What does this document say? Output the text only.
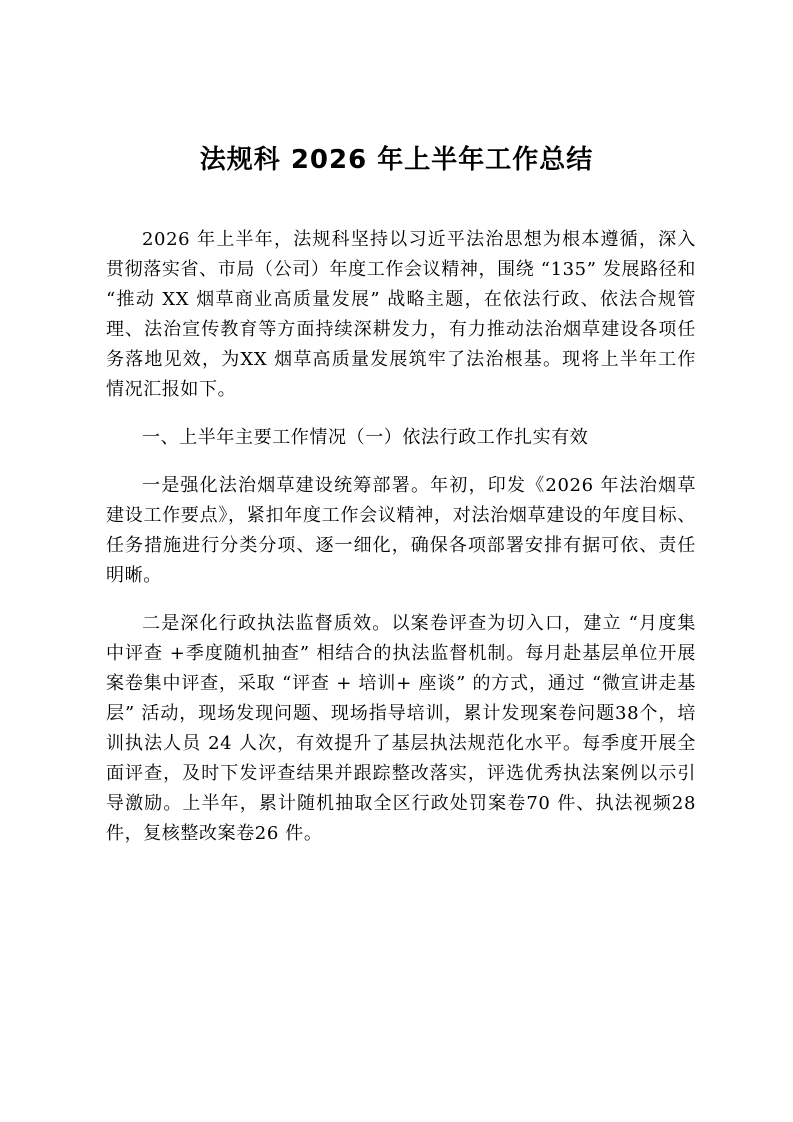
法规科 2026 年上半年工作总结

2026 年上半年，法规科坚持以习近平法治思想为根本遵循，深入贯彻落实省、市局（公司）年度工作会议精神，围绕 “135” 发展路径和 “推动 XX 烟草商业高质量发展” 战略主题，在依法行政、依法合规管理、法治宣传教育等方面持续深耕发力，有力推动法治烟草建设各项任务落地见效，为XX 烟草高质量发展筑牢了法治根基。现将上半年工作情况汇报如下。

一、上半年主要工作情况（一）依法行政工作扎实有效

一是强化法治烟草建设统筹部署。年初，印发《2026 年法治烟草建设工作要点》，紧扣年度工作会议精神，对法治烟草建设的年度目标、任务措施进行分类分项、逐一细化，确保各项部署安排有据可依、责任明晰。

二是深化行政执法监督质效。以案卷评查为切入口，建立 “月度集中评查 +季度随机抽查” 相结合的执法监督机制。每月赴基层单位开展案卷集中评查，采取 “评查 + 培训+ 座谈” 的方式，通过 “微宣讲走基层” 活动，现场发现问题、现场指导培训，累计发现案卷问题38个，培训执法人员 24 人次，有效提升了基层执法规范化水平。每季度开展全面评查，及时下发评查结果并跟踪整改落实，评选优秀执法案例以示引导激励。上半年，累计随机抽取全区行政处罚案卷70 件、执法视频28 件，复核整改案卷26 件。
